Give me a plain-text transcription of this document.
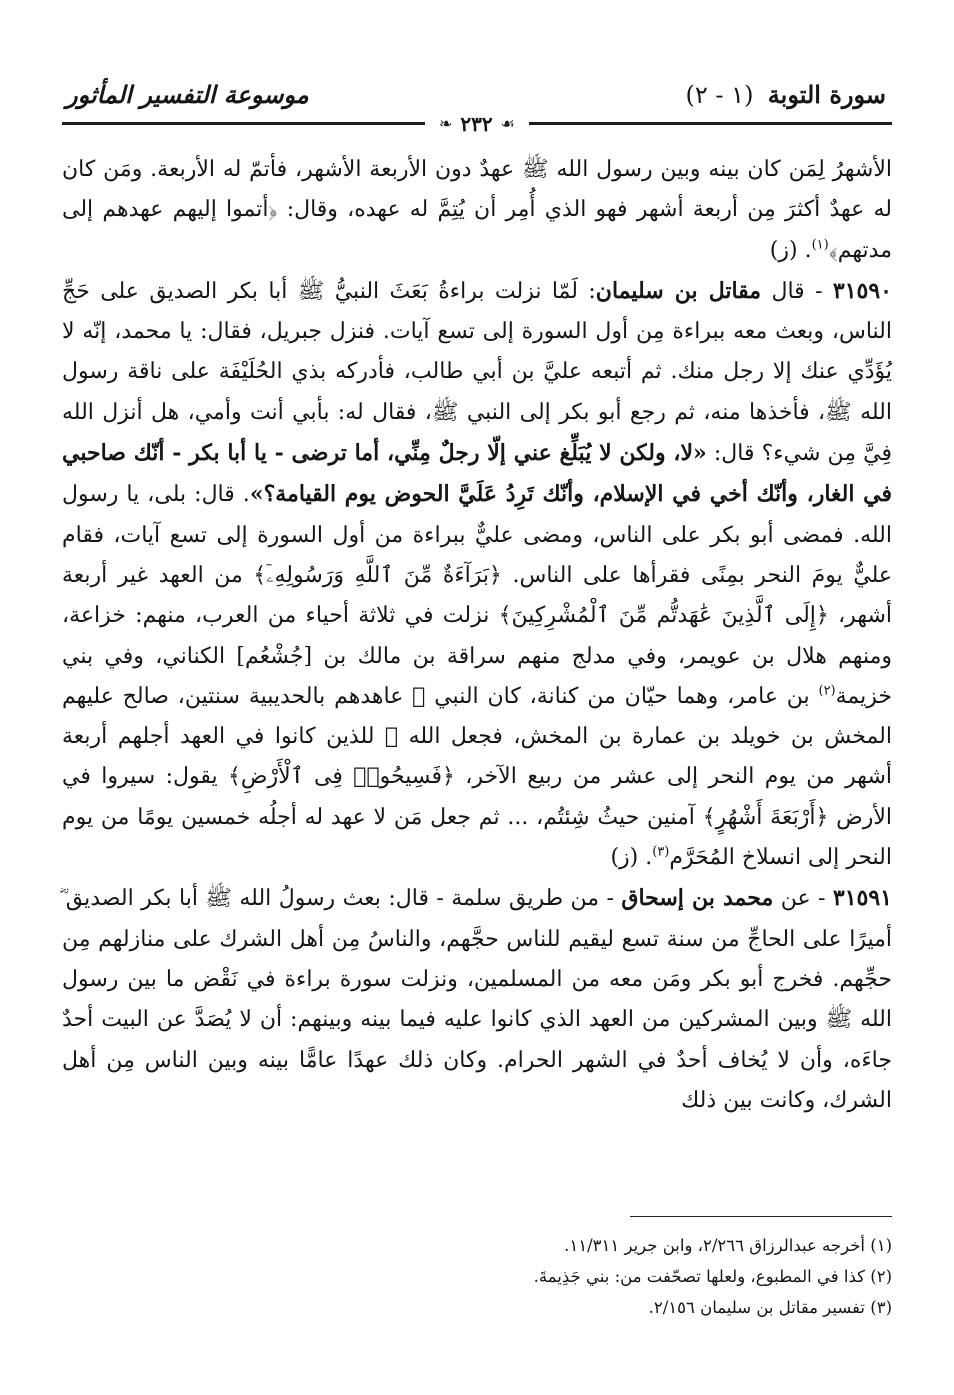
موسوعة التفسير المأثور	سورة التوبة (١ - ٢)
❧ ٢٣٢ ☙

الأشهرُ لِمَن كان بينه وبين رسول الله ﷺ عهدٌ دون الأربعة الأشهر، فأتمّ له الأربعة. ومَن كان له عهدٌ أكثرَ مِن أربعة أشهر فهو الذي أُمِر أن يُتِمَّ له عهده، وقال: ﴿أتموا إليهم عهدهم إلى مدتهم﴾$^{(١)}$. (ز)

٣١٥٩٠ - قال مقاتل بن سليمان: لَمّا نزلت براءةُ بَعَثَ النبيُّ ﷺ أبا بكر الصديق على حَجِّ الناس، وبعث معه ببراءة مِن أول السورة إلى تسع آيات. فنزل جبريل، فقال: يا محمد، إنّه لا يُؤَدِّي عنك إلا رجل منك. ثم أتبعه عليَّ بن أبي طالب، فأدركه بذي الحُلَيْفَة على ناقة رسول الله ﷺ، فأخذها منه، ثم رجع أبو بكر إلى النبي ﷺ، فقال له: بأبي أنت وأمي، هل أنزل الله فِيَّ مِن شيء؟ قال: «لا، ولكن لا يُبَلِّغ عني إلّا رجلٌ مِنِّي، أما ترضى - يا أبا بكر - أنّك صاحبي في الغار، وأنّك أخي في الإسلام، وأنّك تَرِدُ عَلَيَّ الحوض يوم القيامة؟». قال: بلى، يا رسول الله. فمضى أبو بكر على الناس، ومضى عليٌّ ببراءة من أول السورة إلى تسع آيات، فقام عليٌّ يومَ النحر بمِنًى فقرأها على الناس. ﴿بَرَآءَةٌ مِّنَ ٱللَّهِ وَرَسُولِهِۦٓ﴾ من العهد غير أربعة أشهر، ﴿إِلَى ٱلَّذِينَ عَٰهَدتُّم مِّنَ ٱلْمُشْرِكِينَ﴾ نزلت في ثلاثة أحياء من العرب، منهم: خزاعة، ومنهم هلال بن عويمر، وفي مدلج منهم سراقة بن مالك بن [جُشْعُم] الكناني، وفي بني خزيمة$^{(٢)}$ بن عامر، وهما حيّان من كنانة، كان النبي ﷺ عاهدهم بالحديبية سنتين، صالح عليهم المخش بن خويلد بن عمارة بن المخش، فجعل الله ﷻ للذين كانوا في العهد أجلهم أربعة أشهر من يوم النحر إلى عشر من ربيع الآخر، ﴿فَسِيحُوا۟ فِى ٱلْأَرْضِ﴾ يقول: سيروا في الأرض ﴿أَرْبَعَةَ أَشْهُرٍ﴾ آمنين حيثُ شِئتُم، ... ثم جعل مَن لا عهد له أجلُه خمسين يومًا من يوم النحر إلى انسلاخ المُحَرَّم$^{(٣)}$. (ز)

٣١٥٩١ - عن محمد بن إسحاق - من طريق سلمة - قال: بعث رسولُ الله ﷺ أبا بكر الصديق ؓ أميرًا على الحاجِّ من سنة تسع ليقيم للناس حجَّهم، والناسُ مِن أهل الشرك على منازلهم مِن حجِّهم. فخرج أبو بكر ومَن معه من المسلمين، ونزلت سورة براءة في نَقْض ما بين رسول الله ﷺ وبين المشركين من العهد الذي كانوا عليه فيما بينه وبينهم: أن لا يُصَدَّ عن البيت أحدٌ جاءَه، وأن لا يُخاف أحدٌ في الشهر الحرام. وكان ذلك عهدًا عامًّا بينه وبين الناس مِن أهل الشرك، وكانت بين ذلك

(١) أخرجه عبدالرزاق ٢/٢٦٦، وابن جرير ١١/٣١١.

(٢) كذا في المطبوع، ولعلها تصحّفت من: بني جَذِيمةَ.

(٣) تفسير مقاتل بن سليمان ٢/١٥٦.
